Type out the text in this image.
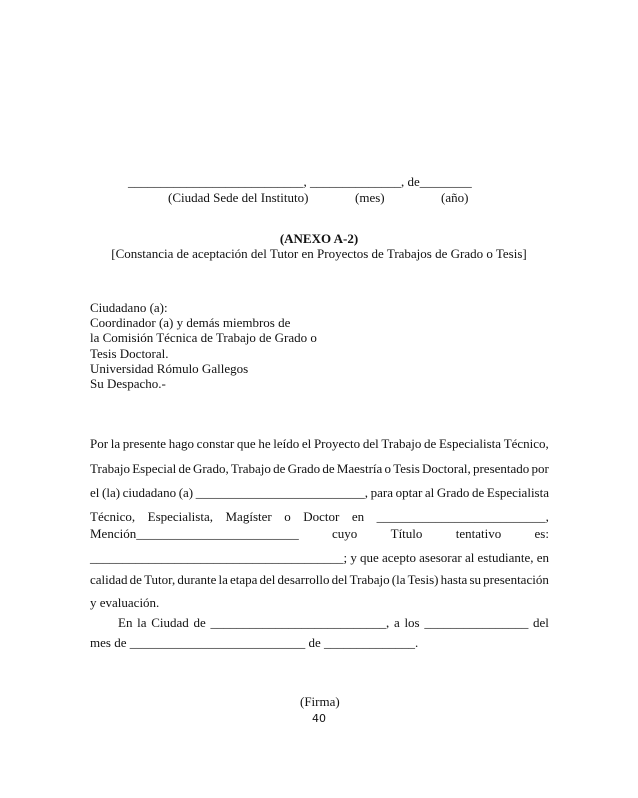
___________________________, ______________, de________
(Ciudad Sede del Instituto)	(mes)	(año)
(ANEXO A-2)
[Constancia de aceptación del Tutor en Proyectos de Trabajos de Grado o Tesis]
Ciudadano (a):
Coordinador (a) y demás miembros de
la Comisión Técnica de Trabajo de Grado o
Tesis Doctoral.
Universidad Rómulo Gallegos
Su Despacho.-
Por la presente hago constar que he leído el Proyecto del Trabajo de Especialista Técnico,
Trabajo Especial de Grado, Trabajo de Grado de Maestría o Tesis Doctoral, presentado por
el (la) ciudadano (a) __________________________, para optar al Grado de Especialista
Técnico, Especialista, Magíster o Doctor en __________________________,
Mención_________________________	cuyo	Título	tentativo	es:
_______________________________________; y que acepto asesorar al estudiante, en
calidad de Tutor, durante la etapa del desarrollo del Trabajo (la Tesis) hasta su presentación
y evaluación.
En la Ciudad de ___________________________, a los ________________ del
mes de ___________________________ de ______________.
(Firma)
40
